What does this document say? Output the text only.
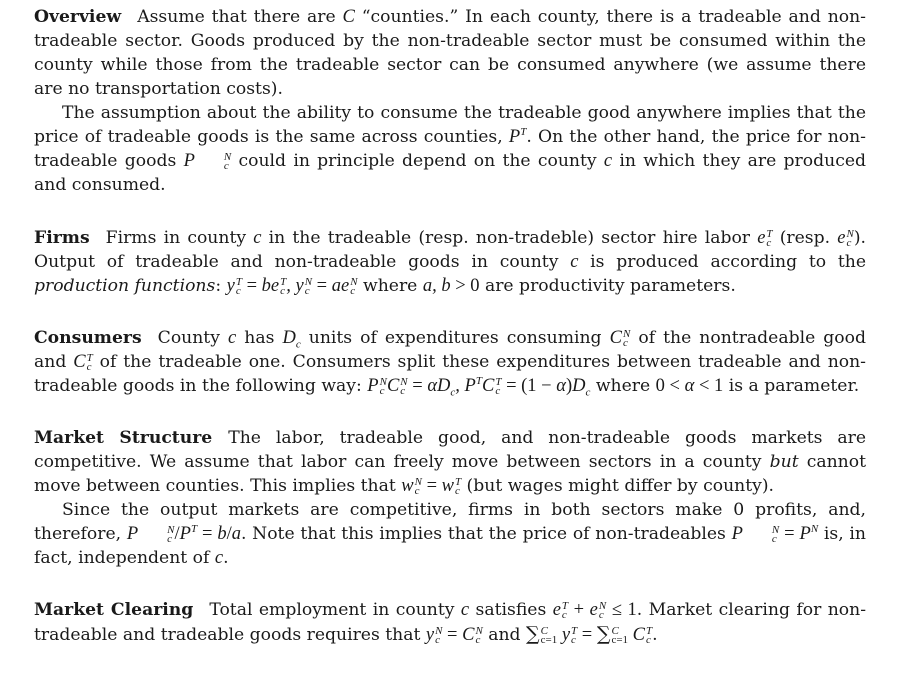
Overview Assume that there are C “counties.” In each county, there is a tradeable and non-tradeable sector. Goods produced by the non-tradeable sector must be consumed within the county while those from the tradeable sector can be consumed anywhere (we assume there are no transportation costs).

The assumption about the ability to consume the tradeable good anywhere implies that the price of tradeable goods is the same across counties, $P^T$. On the other hand, the price for non-tradeable goods P	N
c could in principle depend on the county c in which they are produced and consumed.

Firms Firms in county c in the tradeable (resp. non-tradeble) sector hire labor e T
c (resp. e N
c ). Output of tradeable and non-tradeable goods in county c is produced according to the production functions: y T
c = be T
c , y N
c = ae N
c where a, b > 0 are productivity parameters.

Consumers County c has $D_c$ units of expenditures consuming C N
c of the nontradeable good and C T
c of the tradeable one. Consumers split these expenditures between tradeable and non-tradeable goods in the following way: P N
c C N
$c = \alpha D_c$, $P^TC$ T
$c = (1 - \alpha)D_c$ where 0 < α < 1 is a parameter.

Market Structure The labor, tradeable good, and non-tradeable goods markets are competitive. We assume that labor can freely move between sectors in a county but cannot move between counties. This implies that w N
c = w T
c (but wages might differ by county).

Since the output markets are competitive, firms in both sectors make 0 profits, and, therefore, P	N
c $/P^T = b/a$. Note that this implies that the price of non-tradeables P	N
$c = P^N$ is, in fact, independent of c.

Market Clearing Total employment in county c satisfies e T
c + e N
c ≤ 1. Market clearing for non-tradeable and tradeable goods requires that y N
c = C N
c and ∑ C
c=1 y T
c = ∑ C
c=1 C T
c .
